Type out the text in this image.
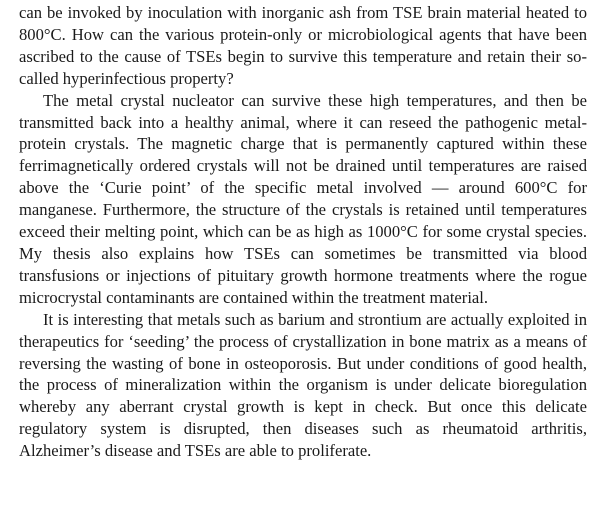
can be invoked by inoculation with inorganic ash from TSE brain material heated to 800°C. How can the various protein-only or microbiological agents that have been ascribed to the cause of TSEs begin to survive this temperature and retain their so-called hyperinfectious property?

The metal crystal nucleator can survive these high temperatures, and then be transmitted back into a healthy animal, where it can reseed the pathogenic metal-protein crystals. The magnetic charge that is permanently captured within these ferrimagnetically ordered crystals will not be drained until temperatures are raised above the ‘Curie point’ of the specific metal involved — around 600°C for manganese. Furthermore, the structure of the crystals is retained until temperatures exceed their melting point, which can be as high as 1000°C for some crystal species. My thesis also explains how TSEs can sometimes be transmitted via blood transfusions or injections of pituitary growth hormone treatments where the rogue microcrystal contaminants are contained within the treatment material.

It is interesting that metals such as barium and strontium are actually exploited in therapeutics for ‘seeding’ the process of crystallization in bone matrix as a means of reversing the wasting of bone in osteoporosis. But under conditions of good health, the process of mineralization within the organism is under delicate bioregulation whereby any aberrant crystal growth is kept in check. But once this delicate regulatory system is disrupted, then diseases such as rheumatoid arthritis, Alzheimer’s disease and TSEs are able to proliferate.
